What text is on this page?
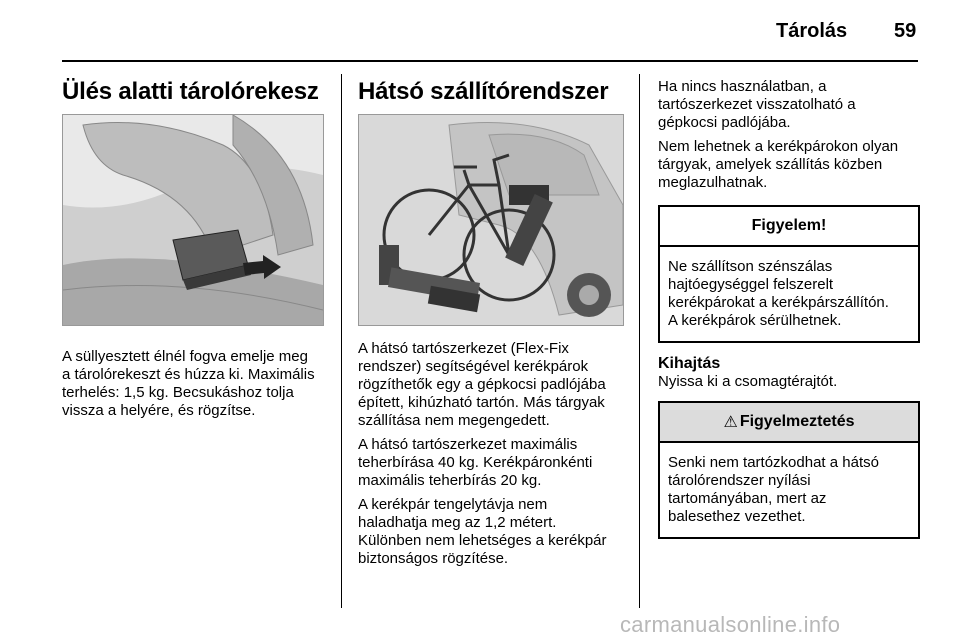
Tárolás 59
Ülés alatti tárolórekesz

A süllyesztett élnél fogva emelje meg

a tárolórekeszt és húzza ki. Maximális

terhelés: 1,5 kg. Becsukáshoz tolja

vissza a helyére, és rögzítse.

Hátsó szállítórendszer

A hátsó tartószerkezet (Flex-Fix

rendszer) segítségével kerékpárok

rögzíthetők egy a gépkocsi padlójába

épített, kihúzható tartón. Más tárgyak

szállítása nem megengedett.

A hátsó tartószerkezet maximális

teherbírása 40 kg. Kerékpáronkénti

maximális teherbírás 20 kg.

A kerékpár tengelytávja nem

haladhatja meg az 1,2 métert.

Különben nem lehetséges a kerékpár

biztonságos rögzítése.

Ha nincs használatban, a

tartószerkezet visszatolható a

gépkocsi padlójába.

Nem lehetnek a kerékpárokon olyan

tárgyak, amelyek szállítás közben

meglazulhatnak.

Figyelem!
Ne szállítson szénszálas
hajtóegységgel felszerelt
kerékpárokat a kerékpárszállítón.
A kerékpárok sérülhetnek.
Kihajtás

Nyissa ki a csomagtérajtót.

⚠ Figyelmeztetés
Senki nem tartózkodhat a hátsó
tárolórendszer nyílási
tartományában, mert az
balesethez vezethet.
carmanualsonline.info
